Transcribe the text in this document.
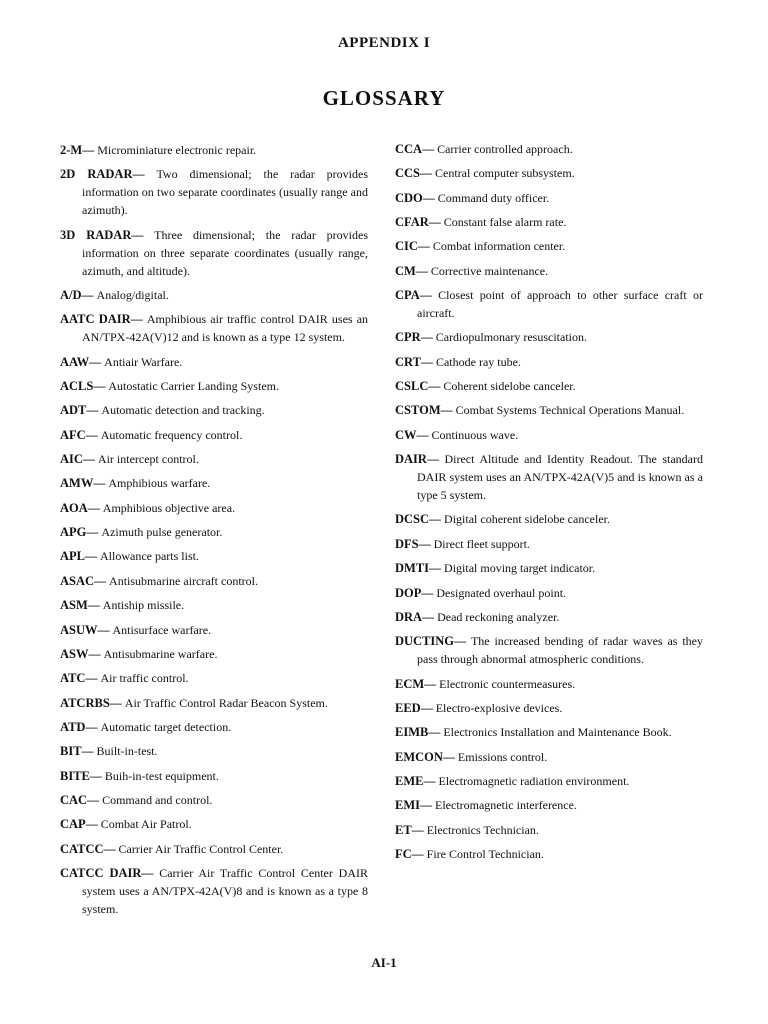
APPENDIX I
GLOSSARY

2-M— Microminiature electronic repair.

2D RADAR— Two dimensional; the radar provides information on two separate coordinates (usually range and azimuth).

3D RADAR— Three dimensional; the radar provides information on three separate coordinates (usually range, azimuth, and altitude).

A/D— Analog/digital.

AATC DAIR— Amphibious air traffic control DAIR uses an AN/TPX-42A(V)12 and is known as a type 12 system.

AAW— Antiair Warfare.

ACLS— Autostatic Carrier Landing System.

ADT— Automatic detection and tracking.

AFC— Automatic frequency control.

AIC— Air intercept control.

AMW— Amphibious warfare.

AOA— Amphibious objective area.

APG— Azimuth pulse generator.

APL— Allowance parts list.

ASAC— Antisubmarine aircraft control.

ASM— Antiship missile.

ASUW— Antisurface warfare.

ASW— Antisubmarine warfare.

ATC— Air traffic control.

ATCRBS— Air Traffic Control Radar Beacon System.

ATD— Automatic target detection.

BIT— Built-in-test.

BITE— Buih-in-test equipment.

CAC— Command and control.

CAP— Combat Air Patrol.

CATCC— Carrier Air Traffic Control Center.

CATCC DAIR— Carrier Air Traffic Control Center DAIR system uses a AN/TPX-42A(V)8 and is known as a type 8 system.

CCA— Carrier controlled approach.

CCS— Central computer subsystem.

CDO— Command duty officer.

CFAR— Constant false alarm rate.

CIC— Combat information center.

CM— Corrective maintenance.

CPA— Closest point of approach to other surface craft or aircraft.

CPR— Cardiopulmonary resuscitation.

CRT— Cathode ray tube.

CSLC— Coherent sidelobe canceler.

CSTOM— Combat Systems Technical Operations Manual.

CW— Continuous wave.

DAIR— Direct Altitude and Identity Readout. The standard DAIR system uses an AN/TPX-42A(V)5 and is known as a type 5 system.

DCSC— Digital coherent sidelobe canceler.

DFS— Direct fleet support.

DMTI— Digital moving target indicator.

DOP— Designated overhaul point.

DRA— Dead reckoning analyzer.

DUCTING— The increased bending of radar waves as they pass through abnormal atmospheric conditions.

ECM— Electronic countermeasures.

EED— Electro-explosive devices.

EIMB— Electronics Installation and Maintenance Book.

EMCON— Emissions control.

EME— Electromagnetic radiation environment.

EMI— Electromagnetic interference.

ET— Electronics Technician.

FC— Fire Control Technician.

AI-1
